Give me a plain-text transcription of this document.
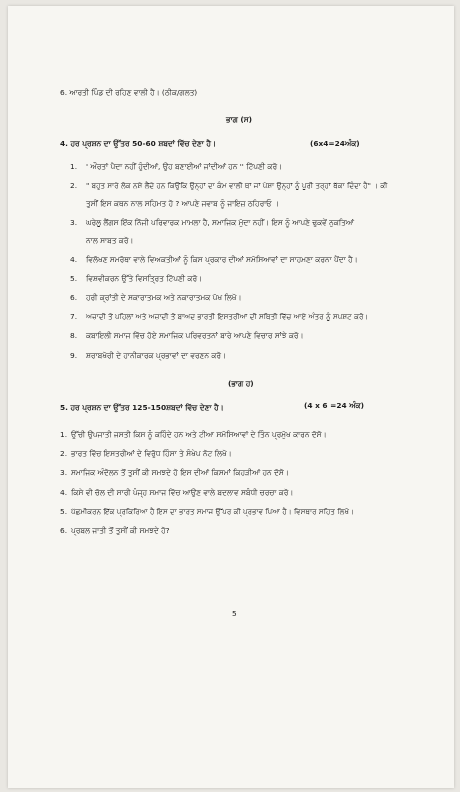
6. ਆਰਤੀ ਪਿੰਡ ਦੀ ਰਹਿਣ ਵਾਲੀ ਹੈ। (ਠੀਕ/ਗਲਤ)
ਭਾਗ (ਸ)
4. ਹਰ ਪ੍ਰਸ਼ਨ ਦਾ ਉੱਤਰ 50-60 ਸ਼ਬਦਾਂ ਵਿੱਚ ਦੇਣਾ ਹੈ।	(6x4=24ਅੰਕ)
1. ' ਔਰਤਾਂ ਪੈਦਾ ਨਹੀਂ ਹੁੰਦੀਆਂ, ਉਹ ਬਣਾਈਆਂ ਜਾਂਦੀਆਂ ਹਨ '' ਟਿੱਪਣੀ ਕਰੋ।
2. " ਬਹੁਤ ਸਾਰੇ ਲੋਕ ਨਸ਼ੇ ਲੈਂਦੇ ਹਨ ਕਿਉਂਕਿ ਉਨ੍ਹਾਂ ਦਾ ਕੰਮ ਵਾਲੀ ਥਾਂ ਜਾਂ ਪੇਸ਼ਾ ਉਨ੍ਹਾਂ ਨੂੰ ਪੂਰੀ ਤਰ੍ਹਾਂ ਥੱਕਾ ਦਿੰਦਾ ਹੈ" । ਕੀ
ਤੁਸੀਂ ਇਸ ਕਥਨ ਨਾਲ ਸਹਿਮਤ ਹੋ ? ਆਪਣੇ ਜਵਾਬ ਨੂੰ ਜਾਇਜ਼ ਠਹਿਰਾਓ ।
3. ਘਰੇਲੂ ਲੈਂਗਸ ਇੱਕ ਨਿੱਜੀ ਪਰਿਵਾਰਕ ਮਾਮਲਾ ਹੈ, ਸਮਾਜਿਕ ਮੁੱਦਾ ਨਹੀਂ। ਇਸ ਨੂੰ ਆਪਣੇ ਢੁਕਵੇਂ ਨੁਕਤਿਆਂ
ਨਾਲ ਸਾਬਤ ਕਰੋ।
4. ਵਿਲੱਖਣ ਸਮਰੱਥਾ ਵਾਲੇ ਵਿਅਕਤੀਆਂ ਨੂੰ ਕਿਸ ਪ੍ਰਕਾਰ ਦੀਆਂ ਸਮੱਸਿਆਵਾਂ ਦਾ ਸਾਹਮਣਾ ਕਰਨਾ ਪੈਂਦਾ ਹੈ।
5. ਵਿਸ਼ਵੀਕਰਨ ਉੱਤੇ ਵਿਸਤ੍ਰਿਤ ਟਿੱਪਣੀ ਕਰੋ।
6. ਹਰੀ ਕ੍ਰਾਂਤੀ ਦੇ ਸਕਾਰਾਤਮਕ ਅਤੇ ਨਕਾਰਾਤਮਕ ਪੱਖ ਲਿਖੋ।
7. ਅਜ਼ਾਦੀ ਤੋਂ ਪਹਿਲਾਂ ਅਤੇ ਅਜ਼ਾਦੀ ਤੋਂ ਬਾਅਦ ਭਾਰਤੀ ਇਸਤਰੀਆਂ ਦੀ ਸਥਿਤੀ ਵਿੱਚ ਆਏ ਅੰਤਰ ਨੂੰ ਸਪਸ਼ਟ ਕਰੋ।
8. ਕਬਾਇਲੀ ਸਮਾਜ ਵਿੱਚ ਹੋਏ ਸਮਾਜਿਕ ਪਰਿਵਰਤਨਾਂ ਬਾਰੇ ਆਪਣੇ ਵਿਚਾਰ ਸਾਂਝੇ ਕਰੋ।
9. ਸ਼ਰਾਬਖੋਰੀ ਦੇ ਹਾਨੀਕਾਰਕ ਪ੍ਰਭਾਵਾਂ ਦਾ ਵਰਣਨ ਕਰੋ।
(ਭਾਗ ਹ)
5. ਹਰ ਪ੍ਰਸ਼ਨ ਦਾ ਉੱਤਰ 125-150ਸ਼ਬਦਾਂ ਵਿੱਚ ਦੇਣਾ ਹੈ।	(4 x 6 =24 ਅੰਕ)
1. ਉੱਚੀ ਉਪਜਾਤੀ ਜਸਤੀ ਕਿਸ ਨੂੰ ਕਹਿੰਦੇ ਹਨ ਅਤੇ ਟੀਆ ਸਮੱਸਿਆਵਾਂ ਦੇ ਤਿੰਨ ਪ੍ਰਮੁੱਖ ਕਾਰਨ ਦੱਸੋ।
2. ਭਾਰਤ ਵਿੱਚ ਇਸਤਰੀਆਂ ਦੇ ਵਿਰੁੱਧ ਹਿੰਸਾ ਤੇ ਸੰਖੇਪ ਨੋਟ ਲਿਖੋ।
3. ਸਮਾਜਿਕ ਅੰਦੋਲਨ ਤੋਂ ਤੁਸੀਂ ਕੀ ਸਮਝਦੇ ਹੋ ਇਸ ਦੀਆਂ ਕਿਸਮਾਂ ਕਿਹੜੀਆਂ ਹਨ ਦੱਸੋ।
4. ਕਿਸੇ ਵੀ ਚੱਲ ਦੀ ਸਾਰੀ ਪੰਜ੍ਹ ਸਮਾਜ ਵਿੱਚ ਆਉਣ ਵਾਲੇ ਬਦਲਾਵ ਸਬੰਧੀ ਚਰਚਾ ਕਰੋ।
5. ਪੱਛਮੀਕਰਨ ਇੱਕ ਪ੍ਰਕਿਰਿਆ ਹੈ ਇਸ ਦਾ ਭਾਰਤ ਸਮਾਜ ਉੱਪਰ ਕੀ ਪ੍ਰਭਾਵ ਪਿਆ ਹੈ। ਵਿਸਥਾਰ ਸਹਿਤ ਲਿਖੋ।
6. ਪ੍ਰਬਲ ਜਾਤੀ ਤੋਂ ਤੁਸੀਂ ਕੀ ਸਮਝਦੇ ਹੋ?
5
